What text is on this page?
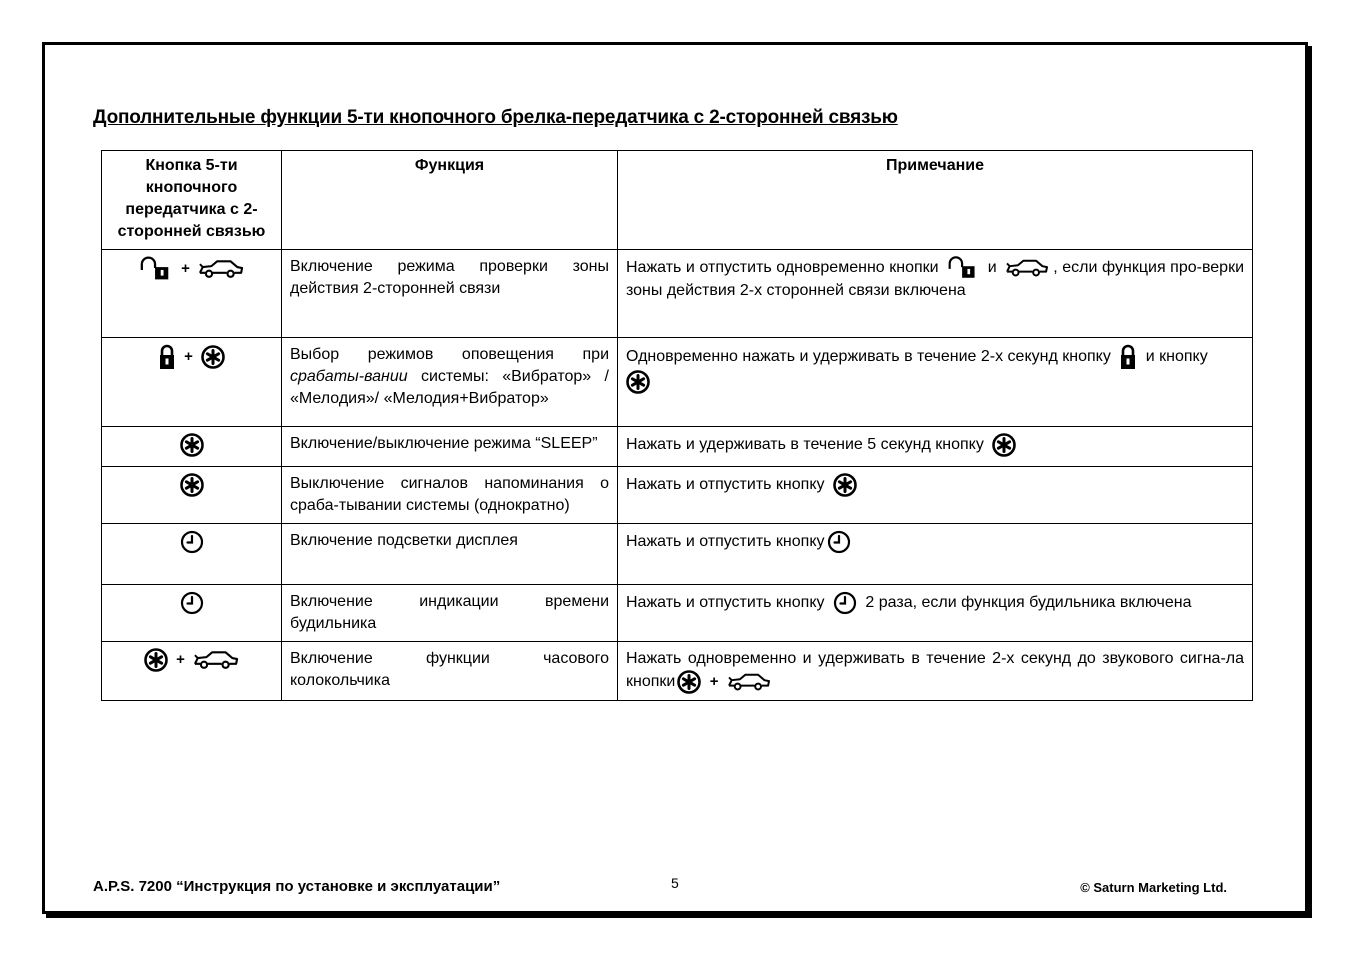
Дополнительные функции 5-ти кнопочного брелка-передатчика с 2-сторонней связью
Кнопка 5-ти кнопочного передатчика с 2-сторонней связью	Функция	Примечание

+	Включение режима проверки зоны действия 2-сторонней связи	Нажать и отпустить одновременно кнопки и , если функция про-верки зоны действия 2-х сторонней связи включена

+	Выбор режимов оповещения при срабаты-вании системы: «Вибратор» / «Мелодия»/ «Мелодия+Вибратор»	Одновременно нажать и удерживать в течение 2-х секунд кнопку и кнопку

	Включение/выключение режима “SLEEP”	Нажать и удерживать в течение 5 секунд кнопку

	Выключение сигналов напоминания о сраба-тывании системы (однократно)	Нажать и отпустить кнопку

	Включение подсветки дисплея	Нажать и отпустить кнопку

	Включение индикации времени будильника	Нажать и отпустить кнопку 2 раза, если функция будильника включена

+	Включение функции часового колокольчика	Нажать одновременно и удерживать в течение 2-х секунд до звукового сигна-ла кнопки +
A.P.S. 7200 “Инструкция по установке и эксплуатации”	5	© Saturn Marketing Ltd.
